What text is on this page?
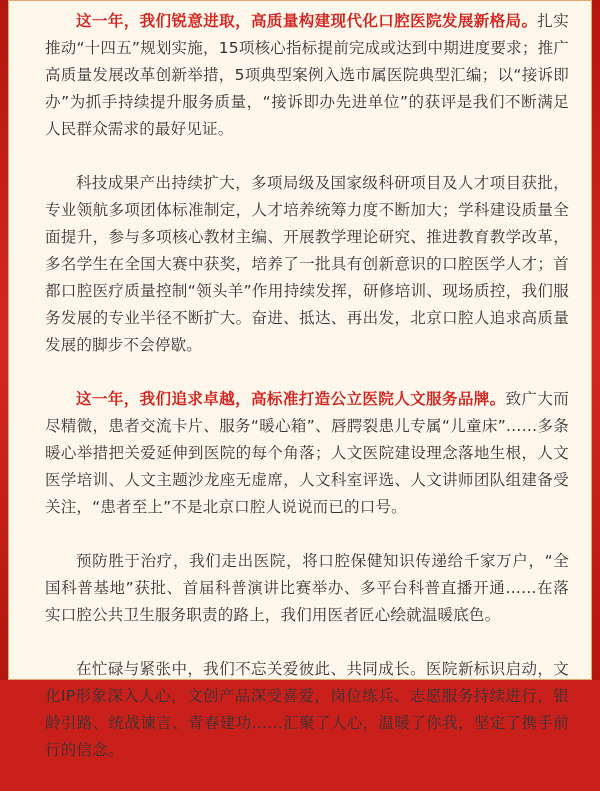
这一年，我们锐意进取，高质量构建现代化口腔医院发展新格局。扎实推动“十四五”规划实施，15项核心指标提前完成或达到中期进度要求；推广高质量发展改革创新举措，5项典型案例入选市属医院典型汇编；以“接诉即办”为抓手持续提升服务质量，“接诉即办先进单位”的获评是我们不断满足人民群众需求的最好见证。

科技成果产出持续扩大，多项局级及国家级科研项目及人才项目获批，专业领航多项团体标准制定，人才培养统筹力度不断加大；学科建设质量全面提升，参与多项核心教材主编、开展教学理论研究、推进教育教学改革，多名学生在全国大赛中获奖，培养了一批具有创新意识的口腔医学人才；首都口腔医疗质量控制“领头羊”作用持续发挥，研修培训、现场质控，我们服务发展的专业半径不断扩大。奋进、抵达、再出发，北京口腔人追求高质量发展的脚步不会停歇。

这一年，我们追求卓越，高标准打造公立医院人文服务品牌。致广大而尽精微，患者交流卡片、服务“暖心箱”、唇腭裂患儿专属“儿童床”……多条暖心举措把关爱延伸到医院的每个角落；人文医院建设理念落地生根，人文医学培训、人文主题沙龙座无虚席，人文科室评选、人文讲师团队组建备受关注，“患者至上”不是北京口腔人说说而已的口号。

预防胜于治疗，我们走出医院，将口腔保健知识传递给千家万户，“全国科普基地”获批、首届科普演讲比赛举办、多平台科普直播开通……在落实口腔公共卫生服务职责的路上，我们用医者匠心绘就温暖底色。

在忙碌与紧张中，我们不忘关爱彼此、共同成长。医院新标识启动，文化IP形象深入人心，文创产品深受喜爱，岗位练兵、志愿服务持续进行，银龄引路、统战谏言、青春建功……汇聚了人心，温暖了你我，坚定了携手前行的信念。
